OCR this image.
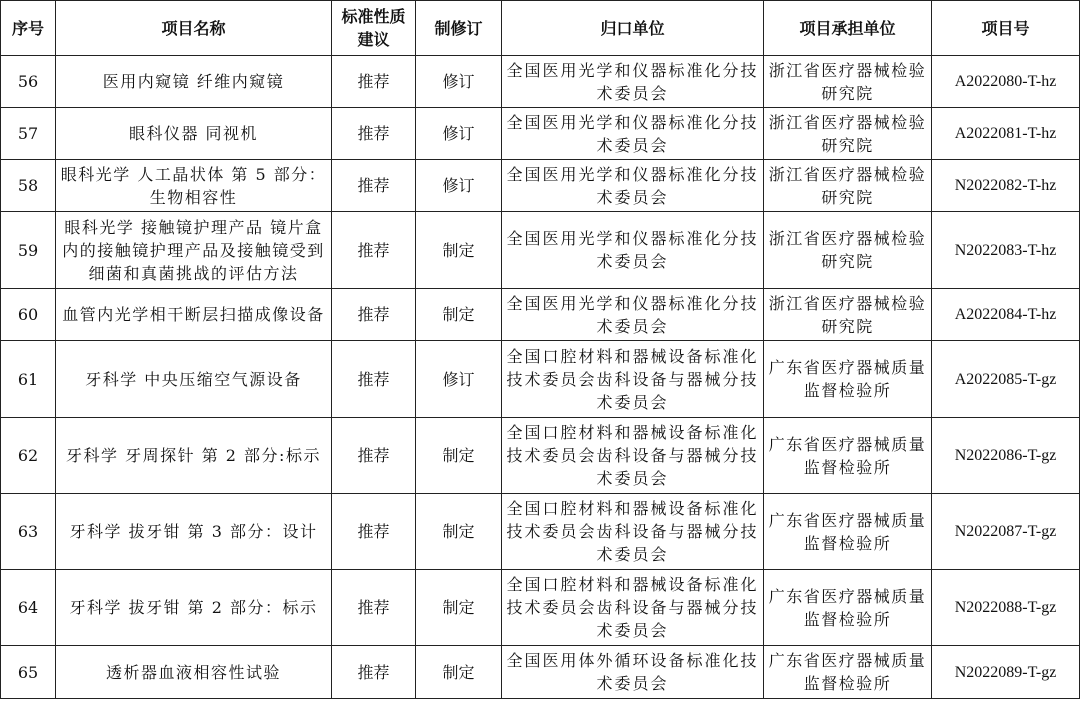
序号	项目名称	标准性质建议	制修订	归口单位	项目承担单位	项目号
56	医用内窥镜 纤维内窥镜	推荐	修订	全国医用光学和仪器标准化分技术委员会	浙江省医疗器械检验研究院	A2022080-T-hz
57	眼科仪器 同视机	推荐	修订	全国医用光学和仪器标准化分技术委员会	浙江省医疗器械检验研究院	A2022081-T-hz
58	眼科光学 人工晶状体 第 5 部分：生物相容性	推荐	修订	全国医用光学和仪器标准化分技术委员会	浙江省医疗器械检验研究院	N2022082-T-hz
59	眼科光学 接触镜护理产品 镜片盒内的接触镜护理产品及接触镜受到细菌和真菌挑战的评估方法	推荐	制定	全国医用光学和仪器标准化分技术委员会	浙江省医疗器械检验研究院	N2022083-T-hz
60	血管内光学相干断层扫描成像设备	推荐	制定	全国医用光学和仪器标准化分技术委员会	浙江省医疗器械检验研究院	A2022084-T-hz
61	牙科学 中央压缩空气源设备	推荐	修订	全国口腔材料和器械设备标准化技术委员会齿科设备与器械分技术委员会	广东省医疗器械质量监督检验所	A2022085-T-gz
62	牙科学 牙周探针 第 2 部分:标示	推荐	制定	全国口腔材料和器械设备标准化技术委员会齿科设备与器械分技术委员会	广东省医疗器械质量监督检验所	N2022086-T-gz
63	牙科学 拔牙钳 第 3 部分：设计	推荐	制定	全国口腔材料和器械设备标准化技术委员会齿科设备与器械分技术委员会	广东省医疗器械质量监督检验所	N2022087-T-gz
64	牙科学 拔牙钳 第 2 部分：标示	推荐	制定	全国口腔材料和器械设备标准化技术委员会齿科设备与器械分技术委员会	广东省医疗器械质量监督检验所	N2022088-T-gz
65	透析器血液相容性试验	推荐	制定	全国医用体外循环设备标准化技术委员会	广东省医疗器械质量监督检验所	N2022089-T-gz
